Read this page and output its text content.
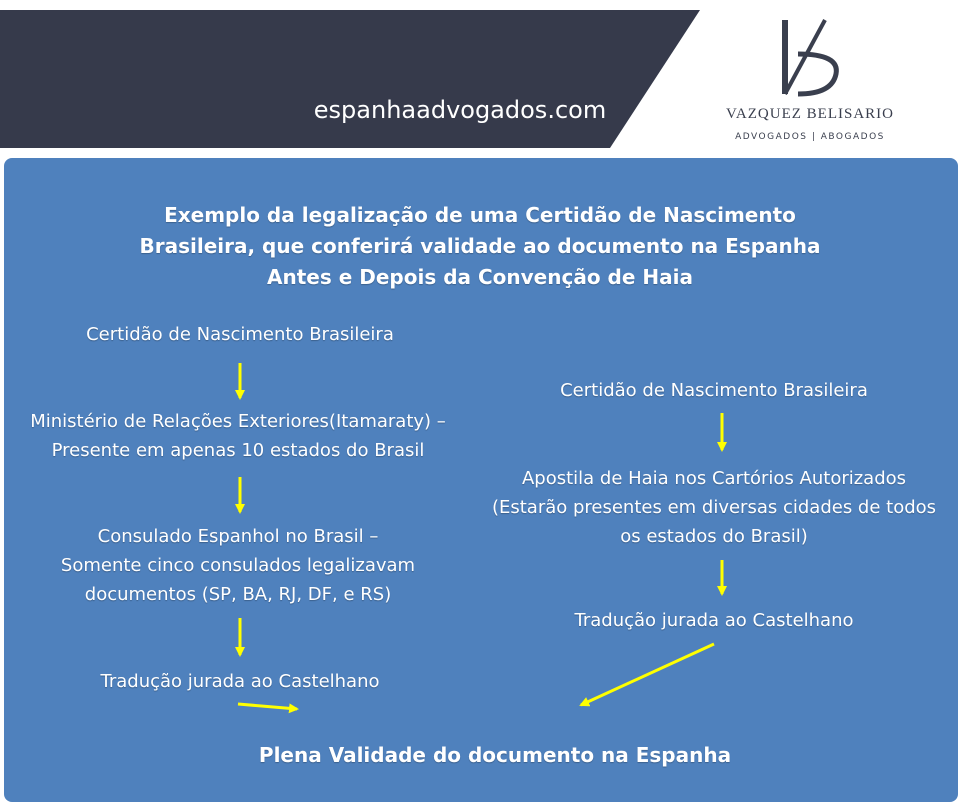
espanhaadvogados.com	VAZQUEZ BELISARIO
ADVOGADOS | ABOGADOS
Exemplo da legalização de uma Certidão de Nascimento
Brasileira, que conferirá validade ao documento na Espanha
Antes e Depois da Convenção de Haia
Certidão de Nascimento Brasileira
Ministério de Relações Exteriores(Itamaraty) –
Presente em apenas 10 estados do Brasil
Consulado Espanhol no Brasil –
Somente cinco consulados legalizavam
documentos (SP, BA, RJ, DF, e RS)
Tradução jurada ao Castelhano
Certidão de Nascimento Brasileira
Apostila de Haia nos Cartórios Autorizados
(Estarão presentes em diversas cidades de todos
os estados do Brasil)
Tradução jurada ao Castelhano
Plena Validade do documento na Espanha
